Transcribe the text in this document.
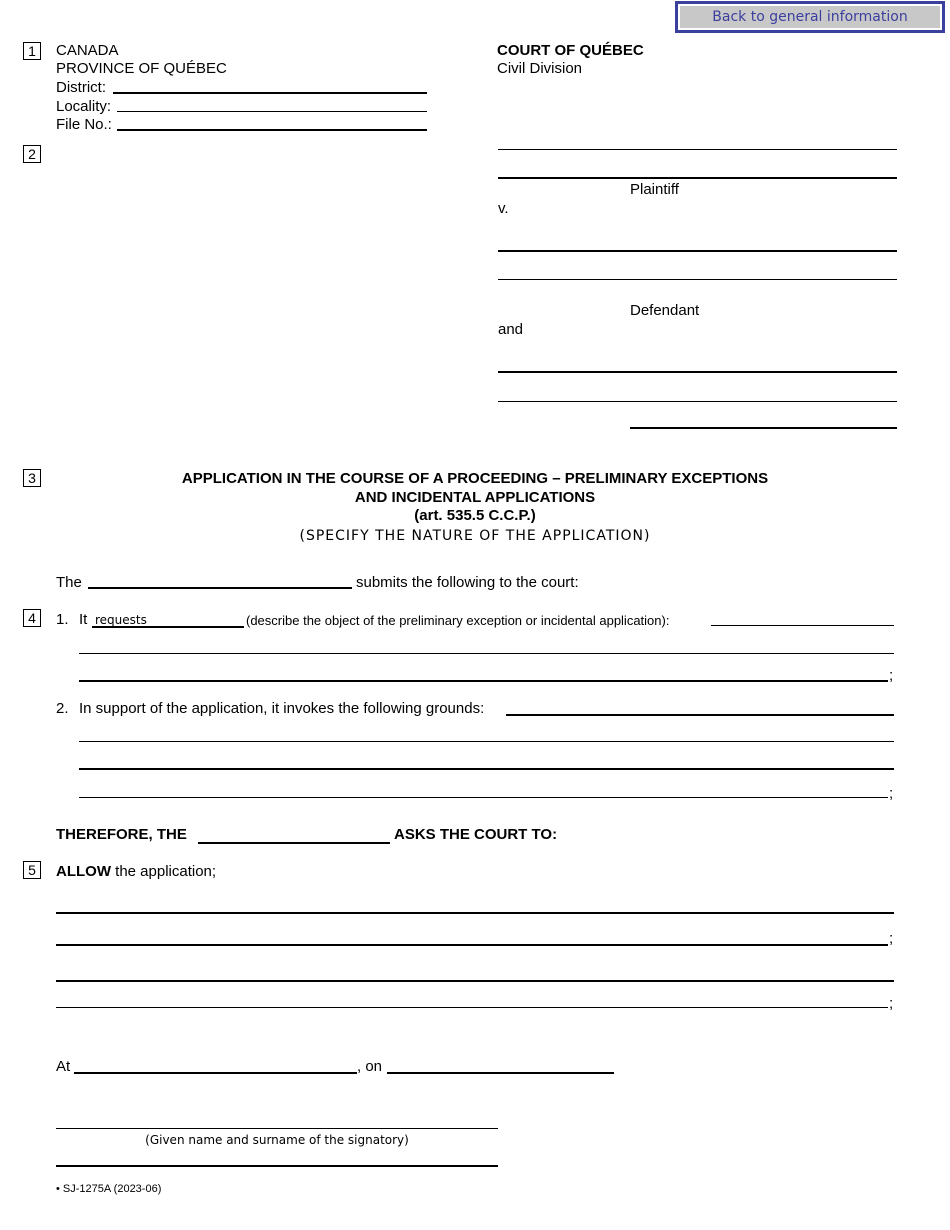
Back to general information
1
2
3
4
5
CANADA
PROVINCE OF QUÉBEC
District:
Locality:
File No.:
COURT OF QUÉBEC
Civil Division
Plaintiff
v.
Defendant
and
APPLICATION IN THE COURSE OF A PROCEEDING – PRELIMINARY EXCEPTIONS
AND INCIDENTAL APPLICATIONS
(art. 535.5 C.C.P.)
(SPECIFY THE NATURE OF THE APPLICATION)
The	submits the following to the court:
1. It requests	(describe the object of the preliminary exception or incidental application):
;
2. In support of the application, it invokes the following grounds:
;
THEREFORE, THE	ASKS THE COURT TO:
ALLOW the application;
;
;
At	, on
(Given name and surname of the signatory)
• SJ-1275A (2023-06)
